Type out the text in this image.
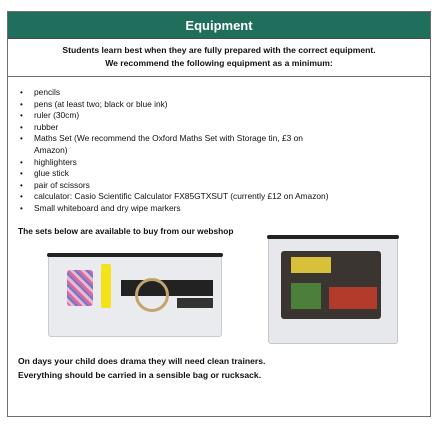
Equipment
Students learn best when they are fully prepared with the correct equipment.
We recommend the following equipment as a minimum:
• pencils
• pens (at least two; black or blue ink)
• ruler (30cm)
• rubber
• Maths Set (We recommend the Oxford Maths Set with Storage tin, £3 on
Amazon)
• highlighters
• glue stick
• pair of scissors
• calculator: Casio Scientific Calculator FX85GTXSUT (currently £12 on Amazon)
• Small whiteboard and dry wipe markers
The sets below are available to buy from our webshop
On days your child does drama they will need clean trainers.
Everything should be carried in a sensible bag or rucksack.
